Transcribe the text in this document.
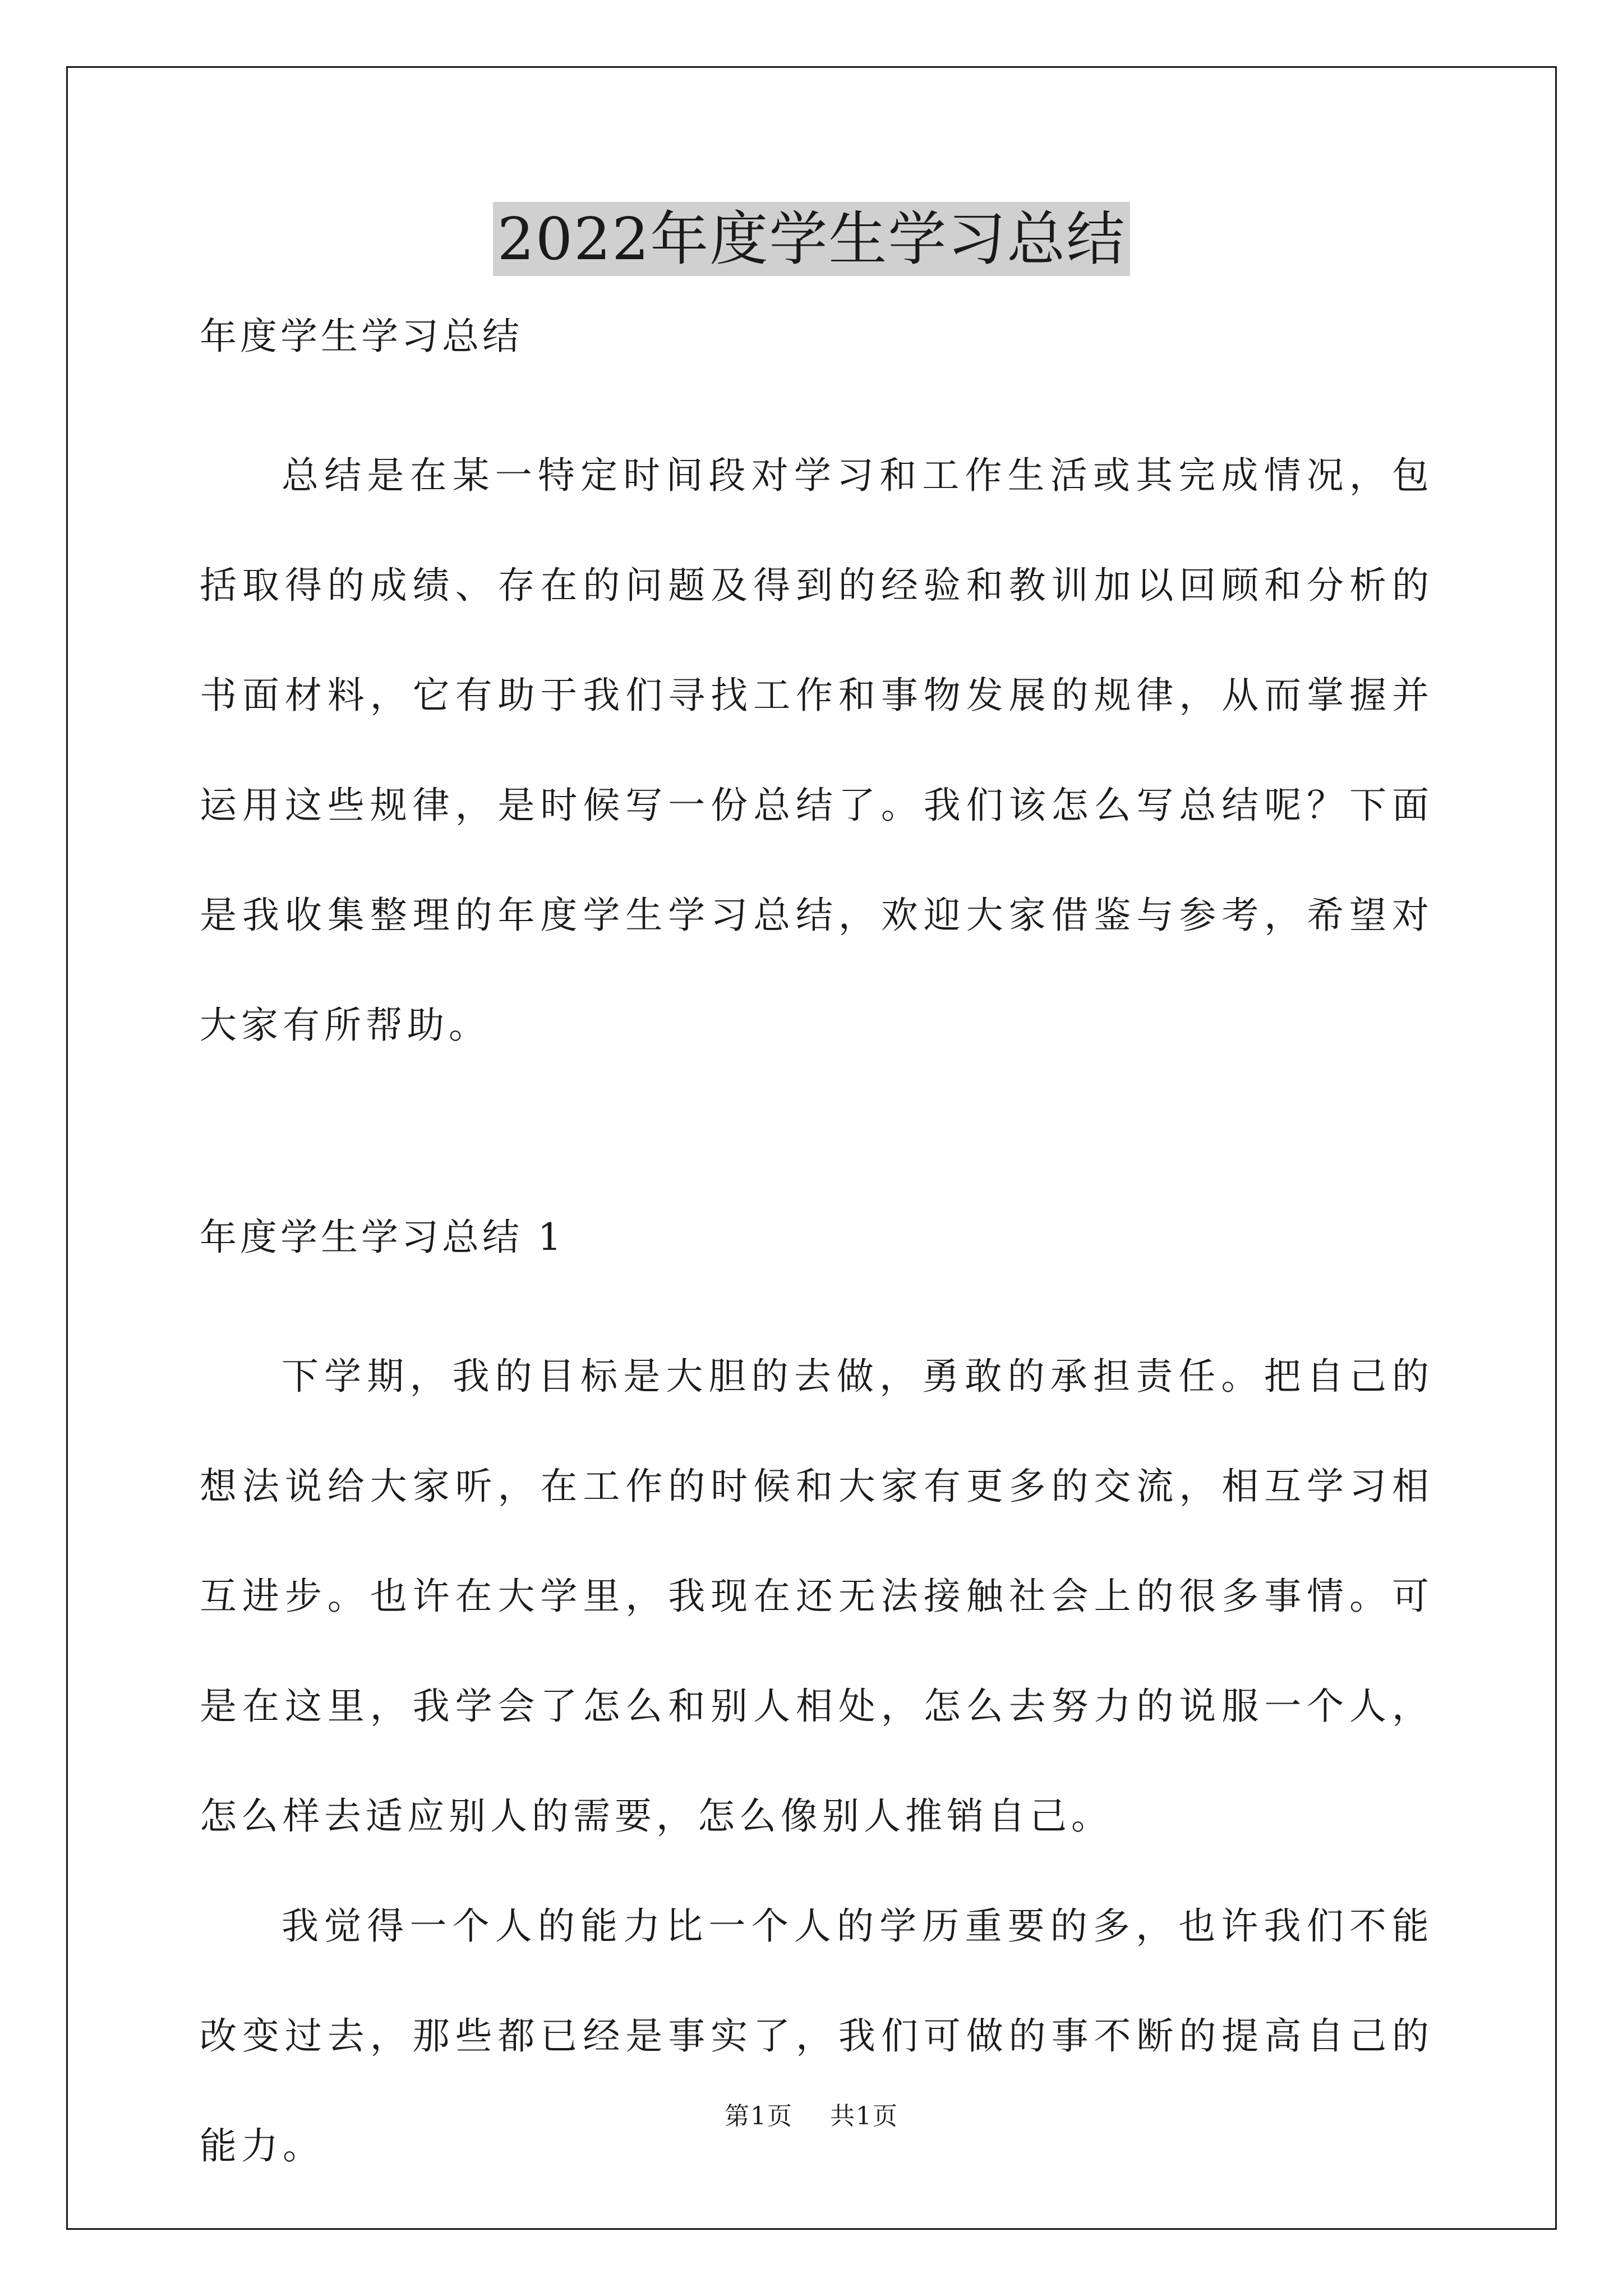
2022年度学生学习总结
年度学生学习总结

总结是在某一特定时间段对学习和工作生活或其完成情况，包括取得的成绩、存在的问题及得到的经验和教训加以回顾和分析的书面材料，它有助于我们寻找工作和事物发展的规律，从而掌握并运用这些规律，是时候写一份总结了。我们该怎么写总结呢？下面是我收集整理的年度学生学习总结，欢迎大家借鉴与参考，希望对大家有所帮助。

年度学生学习总结 1

下学期，我的目标是大胆的去做，勇敢的承担责任。把自己的想法说给大家听，在工作的时候和大家有更多的交流，相互学习相互进步。也许在大学里，我现在还无法接触社会上的很多事情。可是在这里，我学会了怎么和别人相处，怎么去努力的说服一个人，怎么样去适应别人的需要，怎么像别人推销自己。

我觉得一个人的能力比一个人的学历重要的多，也许我们不能改变过去，那些都已经是事实了，我们可做的事不断的提高自己的能力。

第1页 共1页
